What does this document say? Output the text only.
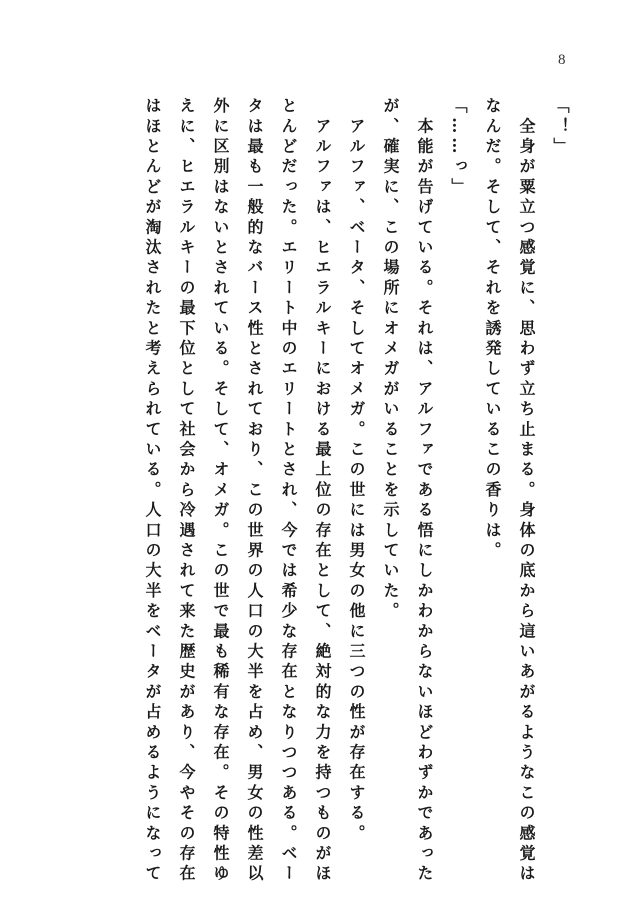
8
「！」
　全身が粟立つ感覚に、思わず立ち止まる。身体の底から這いあがるようなこの感覚は
なんだ。そして、それを誘発しているこの香りは。
「……っ」
　本能が告げている。それは、アルファである悟にしかわからないほどわずかであった
が、確実に、この場所にオメガがいることを示していた。
　アルファ、ベータ、そしてオメガ。この世には男女の他に三つの性が存在する。
　アルファは、ヒエラルキーにおける最上位の存在として、絶対的な力を持つものがほ
とんどだった。エリート中のエリートとされ、今では希少な存在となりつつある。ベー
タは最も一般的なバース性とされており、この世界の人口の大半を占め、男女の性差以
外に区別はないとされている。そして、オメガ。この世で最も稀有な存在。その特性ゆ
えに、ヒエラルキーの最下位として社会から冷遇されて来た歴史があり、今やその存在
はほとんどが淘汰されたと考えられている。人口の大半をベータが占めるようになって
